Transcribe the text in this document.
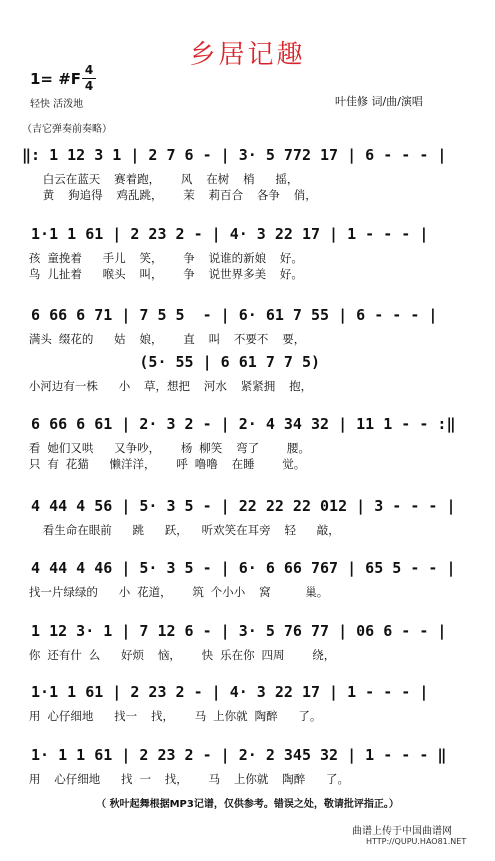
乡居记趣
1= #F 4
4
轻快 活泼地	叶佳修 词/曲/演唱
（吉它弹奏前奏略）
‖: 1 12 3 1 | 2 7 6 - | 3· 5 772 17 | 6 - - - |
白云在蓝天  赛着跑，   风  在树  梢   摇，
黄  狗追得  鸡乱跳，   茉  莉百合  各争  俏，
1·1 1 61 | 2 23 2 - | 4· 3 22 17 | 1 - - - |
孩 童挽着   手儿  笑，   争  说谁的新娘  好。
鸟 儿扯着   喉头  叫，   争  说世界多美  好。
6 66 6 71 | 7 5 5  - | 6· 61 7 55 | 6 - - - |
满头 缀花的   姑  娘，   直  叫  不要不  要，
(5· 55 | 6 61 7 7 5)
小河边有一株   小  草，想把  河水  紧紧拥  抱，
6 66 6 61 | 2· 3 2 - | 2· 4 34 32 | 11 1 - - :‖
看 她们又哄   又争吵，   杨 柳笑  弯了    腰。
只 有 花猫   懒洋洋，   呼 噜噜  在睡    觉。
4 44 4 56 | 5· 3 5 - | 22 22 22 012 | 3 - - - |
看生命在眼前   跳   跃，  听欢笑在耳旁  轻   敲，
4 44 4 46 | 5· 3 5 - | 6· 6 66 767 | 65 5 - - |
找一片绿绿的   小 花道，   筑 个小小  窝     巢。
1 12 3· 1 | 7 12 6 - | 3· 5 76 77 | 06 6 - - |
你 还有什 么   好烦  恼，   快 乐在你 四周    绕，
1·1 1 61 | 2 23 2 - | 4· 3 22 17 | 1 - - - |
用 心仔细地   找一  找，   马 上你就 陶醉   了。
1· 1 1 61 | 2 23 2 - | 2· 2 345 32 | 1 - - - ‖
用  心仔细地   找 一  找，   马  上你就  陶醉   了。
（ 秋叶起舞根据MP3记谱，仅供参考。错误之处，敬请批评指正。）
曲谱上传于中国曲谱网
HTTP://QUPU.HAO81.NET
